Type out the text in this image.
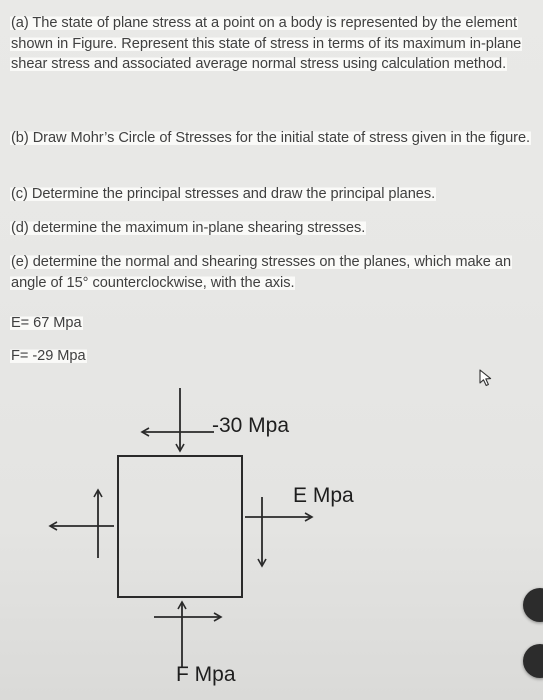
(a) The state of plane stress at a point on a body is represented by the element shown in Figure. Represent this state of stress in terms of its maximum in-plane shear stress and associated average normal stress using calculation method.
(b) Draw Mohr’s Circle of Stresses for the initial state of stress given in the figure.
(c) Determine the principal stresses and draw the principal planes.
(d) determine the maximum in-plane shearing stresses.
(e) determine the normal and shearing stresses on the planes, which make an angle of 15° counterclockwise, with the axis.
E= 67 Mpa
F= -29 Mpa
-30 Mpa
E Mpa
F Mpa
